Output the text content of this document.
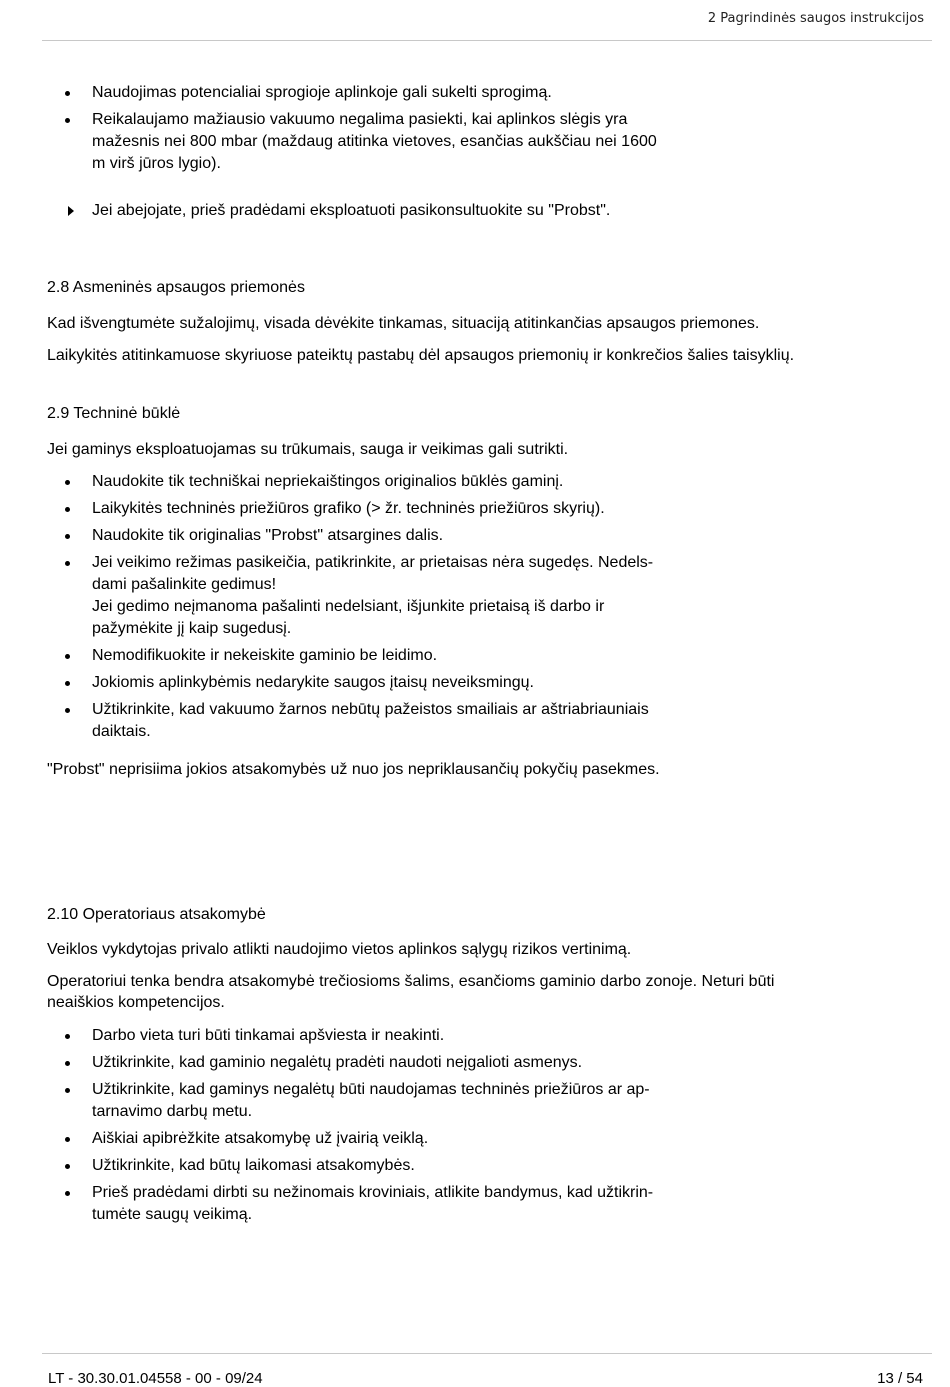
2 Pagrindinės saugos instrukcijos
Naudojimas potencialiai sprogioje aplinkoje gali sukelti sprogimą.
Reikalaujamo mažiausio vakuumo negalima pasiekti, kai aplinkos slėgis yra
mažesnis nei 800 mbar (maždaug atitinka vietoves, esančias aukščiau nei 1600
m virš jūros lygio).
Jei abejojate, prieš pradėdami eksploatuoti pasikonsultuokite su "Probst".
2.8 Asmeninės apsaugos priemonės

Kad išvengtumėte sužalojimų, visada dėvėkite tinkamas, situaciją atitinkančias apsaugos priemones.

Laikykitės atitinkamuose skyriuose pateiktų pastabų dėl apsaugos priemonių ir konkrečios šalies taisyklių.

2.9 Techninė būklė

Jei gaminys eksploatuojamas su trūkumais, sauga ir veikimas gali sutrikti.

Naudokite tik techniškai nepriekaištingos originalios būklės gaminį.
Laikykitės techninės priežiūros grafiko (> žr. techninės priežiūros skyrių).
Naudokite tik originalias "Probst" atsargines dalis.
Jei veikimo režimas pasikeičia, patikrinkite, ar prietaisas nėra sugedęs. Nedels-
dami pašalinkite gedimus!
Jei gedimo neįmanoma pašalinti nedelsiant, išjunkite prietaisą iš darbo ir
pažymėkite jį kaip sugedusį.
Nemodifikuokite ir nekeiskite gaminio be leidimo.
Jokiomis aplinkybėmis nedarykite saugos įtaisų neveiksmingų.
Užtikrinkite, kad vakuumo žarnos nebūtų pažeistos smailiais ar aštriabriauniais
daiktais.

"Probst" neprisiima jokios atsakomybės už nuo jos nepriklausančių pokyčių pasekmes.

2.10 Operatoriaus atsakomybė

Veiklos vykdytojas privalo atlikti naudojimo vietos aplinkos sąlygų rizikos vertinimą.

Operatoriui tenka bendra atsakomybė trečiosioms šalims, esančioms gaminio darbo zonoje. Neturi būti
neaiškios kompetencijos.

Darbo vieta turi būti tinkamai apšviesta ir neakinti.
Užtikrinkite, kad gaminio negalėtų pradėti naudoti neįgalioti asmenys.
Užtikrinkite, kad gaminys negalėtų būti naudojamas techninės priežiūros ar ap-
tarnavimo darbų metu.
Aiškiai apibrėžkite atsakomybę už įvairią veiklą.
Užtikrinkite, kad būtų laikomasi atsakomybės.
Prieš pradėdami dirbti su nežinomais kroviniais, atlikite bandymus, kad užtikrin-
tumėte saugų veikimą.
LT - 30.30.01.04558 - 00 - 09/24	13 / 54
